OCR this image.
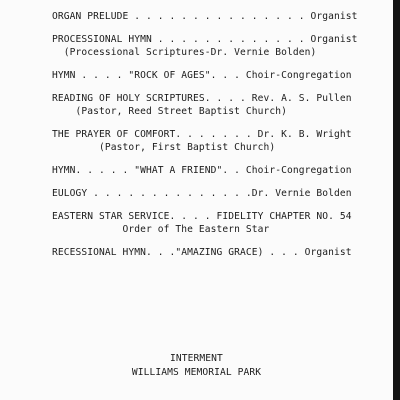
ORGAN PRELUDE . . . . . . . . . . . . . . . Organist
PROCESSIONAL HYMN . . . . . . . . . . . . . Organist
(Processional Scriptures-Dr. Vernie Bolden)
HYMN . . . . "ROCK OF AGES". . . Choir-Congregation
READING OF HOLY SCRIPTURES. . . . Rev. A. S. Pullen
(Pastor, Reed Street Baptist Church)
THE PRAYER OF COMFORT. . . . . . . Dr. K. B. Wright
(Pastor, First Baptist Church)
HYMN. . . . . "WHAT A FRIEND". . Choir-Congregation
EULOGY . . . . . . . . . . . . . .Dr. Vernie Bolden
EASTERN STAR SERVICE. . . . FIDELITY CHAPTER NO. 54
Order of The Eastern Star
RECESSIONAL HYMN. . ."AMAZING GRACE) . . . Organist
INTERMENT
WILLIAMS MEMORIAL PARK
